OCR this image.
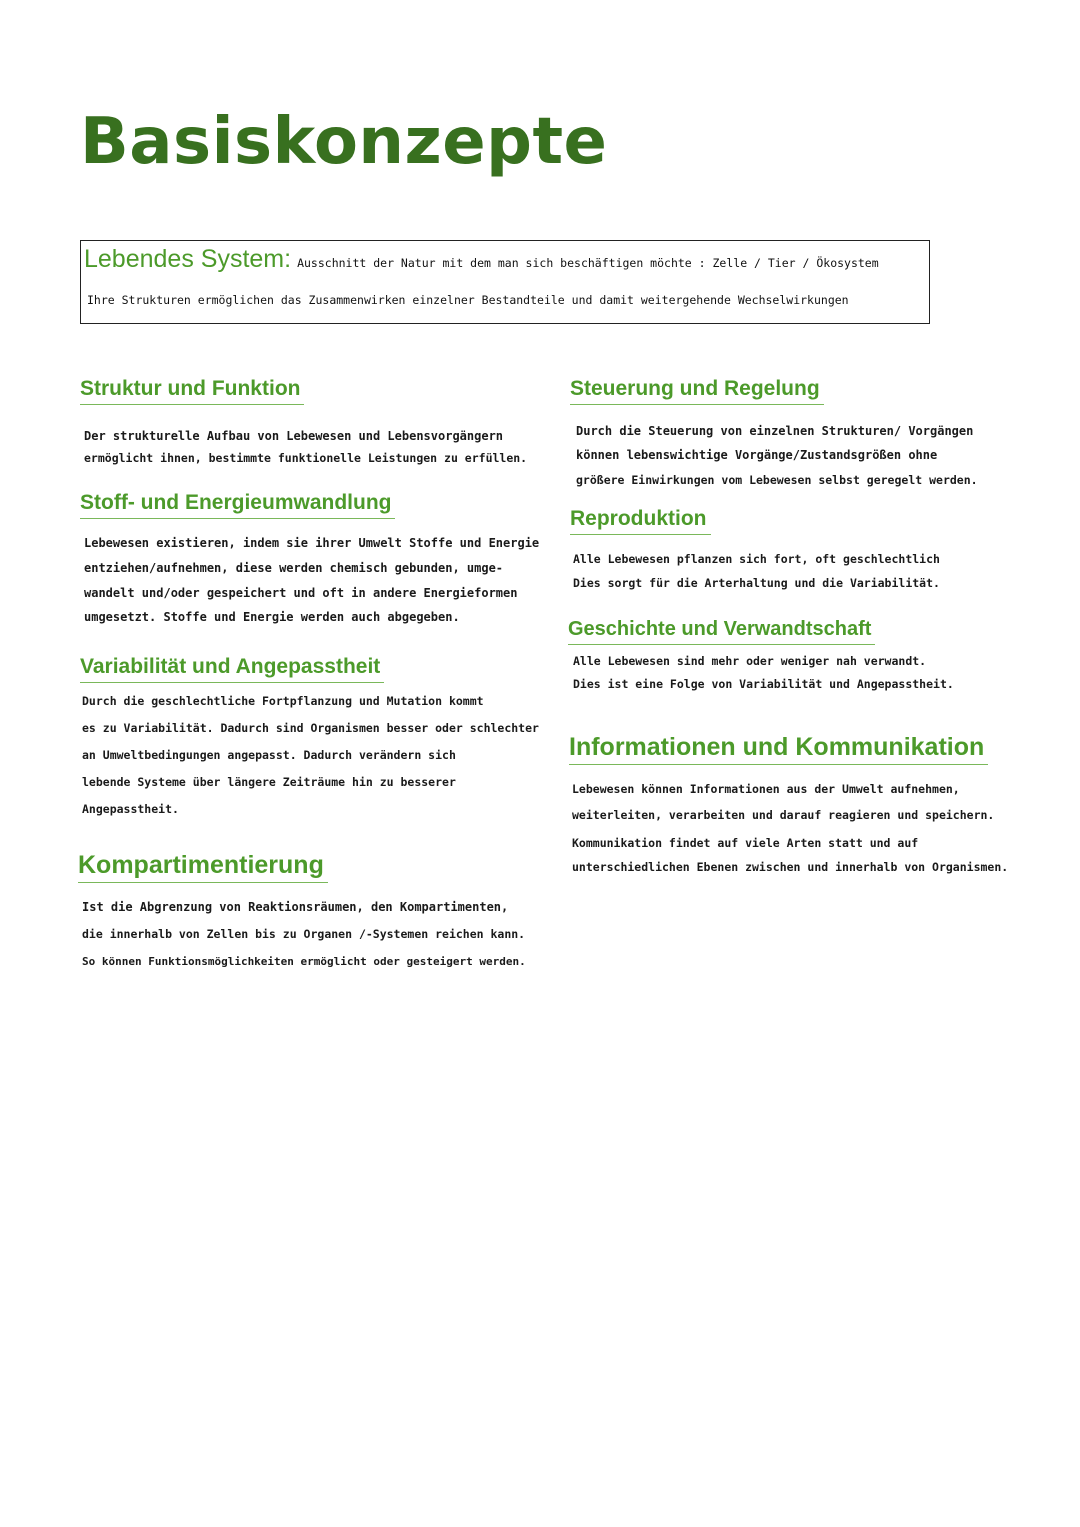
Basiskonzepte
Lebendes System: Ausschnitt der Natur mit dem man sich beschäftigen möchte : Zelle / Tier / Ökosystem
Ihre Strukturen ermöglichen das Zusammenwirken einzelner Bestandteile und damit weitergehende Wechselwirkungen
Struktur und Funktion

Der strukturelle Aufbau von Lebewesen und Lebensvorgängern

ermöglicht ihnen, bestimmte funktionelle Leistungen zu erfüllen.

Stoff- und Energieumwandlung

Lebewesen existieren, indem sie ihrer Umwelt Stoffe und Energie

entziehen/aufnehmen, diese werden chemisch gebunden, umge-

wandelt und/oder gespeichert und oft in andere Energieformen

umgesetzt. Stoffe und Energie werden auch abgegeben.

Variabilität und Angepasstheit

Durch die geschlechtliche Fortpflanzung und Mutation kommt

es zu Variabilität. Dadurch sind Organismen besser oder schlechter

an Umweltbedingungen angepasst. Dadurch verändern sich

lebende Systeme über längere Zeiträume hin zu besserer

Angepasstheit.

Kompartimentierung

Ist die Abgrenzung von Reaktionsräumen, den Kompartimenten,

die innerhalb von Zellen bis zu Organen /-Systemen reichen kann.

So können Funktionsmöglichkeiten ermöglicht oder gesteigert werden.

Steuerung und Regelung

Durch die Steuerung von einzelnen Strukturen/ Vorgängen

können lebenswichtige Vorgänge/Zustandsgrößen ohne

größere Einwirkungen vom Lebewesen selbst geregelt werden.

Reproduktion

Alle Lebewesen pflanzen sich fort, oft geschlechtlich

Dies sorgt für die Arterhaltung und die Variabilität.

Geschichte und Verwandtschaft

Alle Lebewesen sind mehr oder weniger nah verwandt.

Dies ist eine Folge von Variabilität und Angepasstheit.

Informationen und Kommunikation

Lebewesen können Informationen aus der Umwelt aufnehmen,

weiterleiten, verarbeiten und darauf reagieren und speichern.

Kommunikation findet auf viele Arten statt und auf

unterschiedlichen Ebenen zwischen und innerhalb von Organismen.
